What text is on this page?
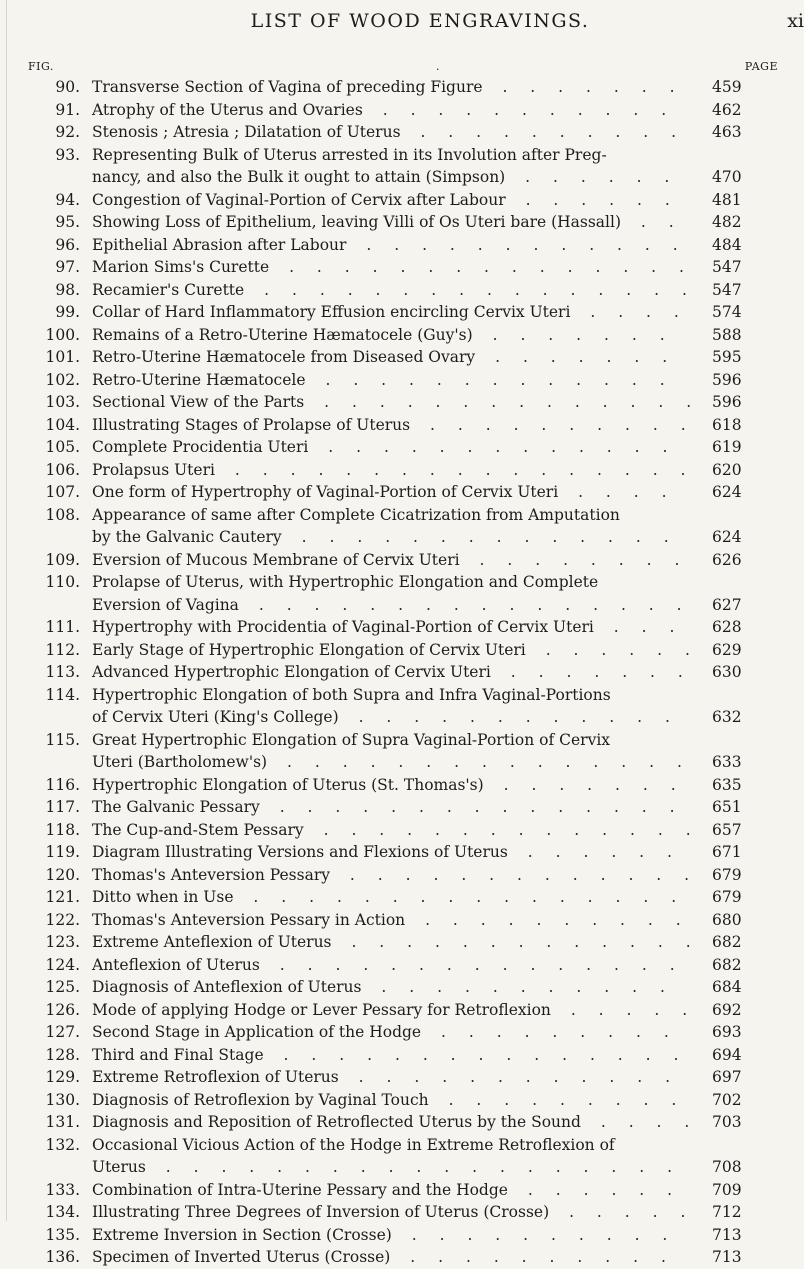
LIST OF WOOD ENGRAVINGS.	xi
FIG.	.	PAGE
90. Transverse Section of Vagina of preceding Figure . . . . . . . 459
91. Atrophy of the Uterus and Ovaries . . . . . . . . . . . 462
92. Stenosis ; Atresia ; Dilatation of Uterus . . . . . . . . . . 463
93. Representing Bulk of Uterus arrested in its Involution after Preg-
nancy, and also the Bulk it ought to attain (Simpson) . . . . . . 470
94. Congestion of Vaginal-Portion of Cervix after Labour . . . . . . 481
95. Showing Loss of Epithelium, leaving Villi of Os Uteri bare (Hassall) . . 482
96. Epithelial Abrasion after Labour . . . . . . . . . . . . 484
97. Marion Sims's Curette . . . . . . . . . . . . . . . 547
98. Recamier's Curette . . . . . . . . . . . . . . . . 547
99. Collar of Hard Inflammatory Effusion encircling Cervix Uteri . . . . 574
100. Remains of a Retro-Uterine Hæmatocele (Guy's) . . . . . . . 588
101. Retro-Uterine Hæmatocele from Diseased Ovary . . . . . . . 595
102. Retro-Uterine Hæmatocele . . . . . . . . . . . . . 596
103. Sectional View of the Parts . . . . . . . . . . . . . . 596
104. Illustrating Stages of Prolapse of Uterus . . . . . . . . . . 618
105. Complete Procidentia Uteri . . . . . . . . . . . . . 619
106. Prolapsus Uteri . . . . . . . . . . . . . . . . . 620
107. One form of Hypertrophy of Vaginal-Portion of Cervix Uteri . . . . 624
108. Appearance of same after Complete Cicatrization from Amputation
by the Galvanic Cautery . . . . . . . . . . . . . . 624
109. Eversion of Mucous Membrane of Cervix Uteri . . . . . . . . 626
110. Prolapse of Uterus, with Hypertrophic Elongation and Complete
Eversion of Vagina . . . . . . . . . . . . . . . . 627
111. Hypertrophy with Procidentia of Vaginal-Portion of Cervix Uteri . . . 628
112. Early Stage of Hypertrophic Elongation of Cervix Uteri . . . . . . 629
113. Advanced Hypertrophic Elongation of Cervix Uteri . . . . . . . 630
114. Hypertrophic Elongation of both Supra and Infra Vaginal-Portions
of Cervix Uteri (King's College) . . . . . . . . . . . . 632
115. Great Hypertrophic Elongation of Supra Vaginal-Portion of Cervix
Uteri (Bartholomew's) . . . . . . . . . . . . . . . 633
116. Hypertrophic Elongation of Uterus (St. Thomas's) . . . . . . . 635
117. The Galvanic Pessary . . . . . . . . . . . . . . . 651
118. The Cup-and-Stem Pessary . . . . . . . . . . . . . . 657
119. Diagram Illustrating Versions and Flexions of Uterus . . . . . . 671
120. Thomas's Anteversion Pessary . . . . . . . . . . . . . 679
121. Ditto when in Use . . . . . . . . . . . . . . . . 679
122. Thomas's Anteversion Pessary in Action . . . . . . . . . . 680
123. Extreme Anteflexion of Uterus . . . . . . . . . . . . . 682
124. Anteflexion of Uterus . . . . . . . . . . . . . . . 682
125. Diagnosis of Anteflexion of Uterus . . . . . . . . . . . 684
126. Mode of applying Hodge or Lever Pessary for Retroflexion . . . . . 692
127. Second Stage in Application of the Hodge . . . . . . . . . 693
128. Third and Final Stage . . . . . . . . . . . . . . . 694
129. Extreme Retroflexion of Uterus . . . . . . . . . . . . 697
130. Diagnosis of Retroflexion by Vaginal Touch . . . . . . . . . 702
131. Diagnosis and Reposition of Retroflected Uterus by the Sound . . . . 703
132. Occasional Vicious Action of the Hodge in Extreme Retroflexion of
Uterus . . . . . . . . . . . . . . . . . . . 708
133. Combination of Intra-Uterine Pessary and the Hodge . . . . . . 709
134. Illustrating Three Degrees of Inversion of Uterus (Crosse) . . . . . 712
135. Extreme Inversion in Section (Crosse) . . . . . . . . . . 713
136. Specimen of Inverted Uterus (Crosse) . . . . . . . . . . 713
